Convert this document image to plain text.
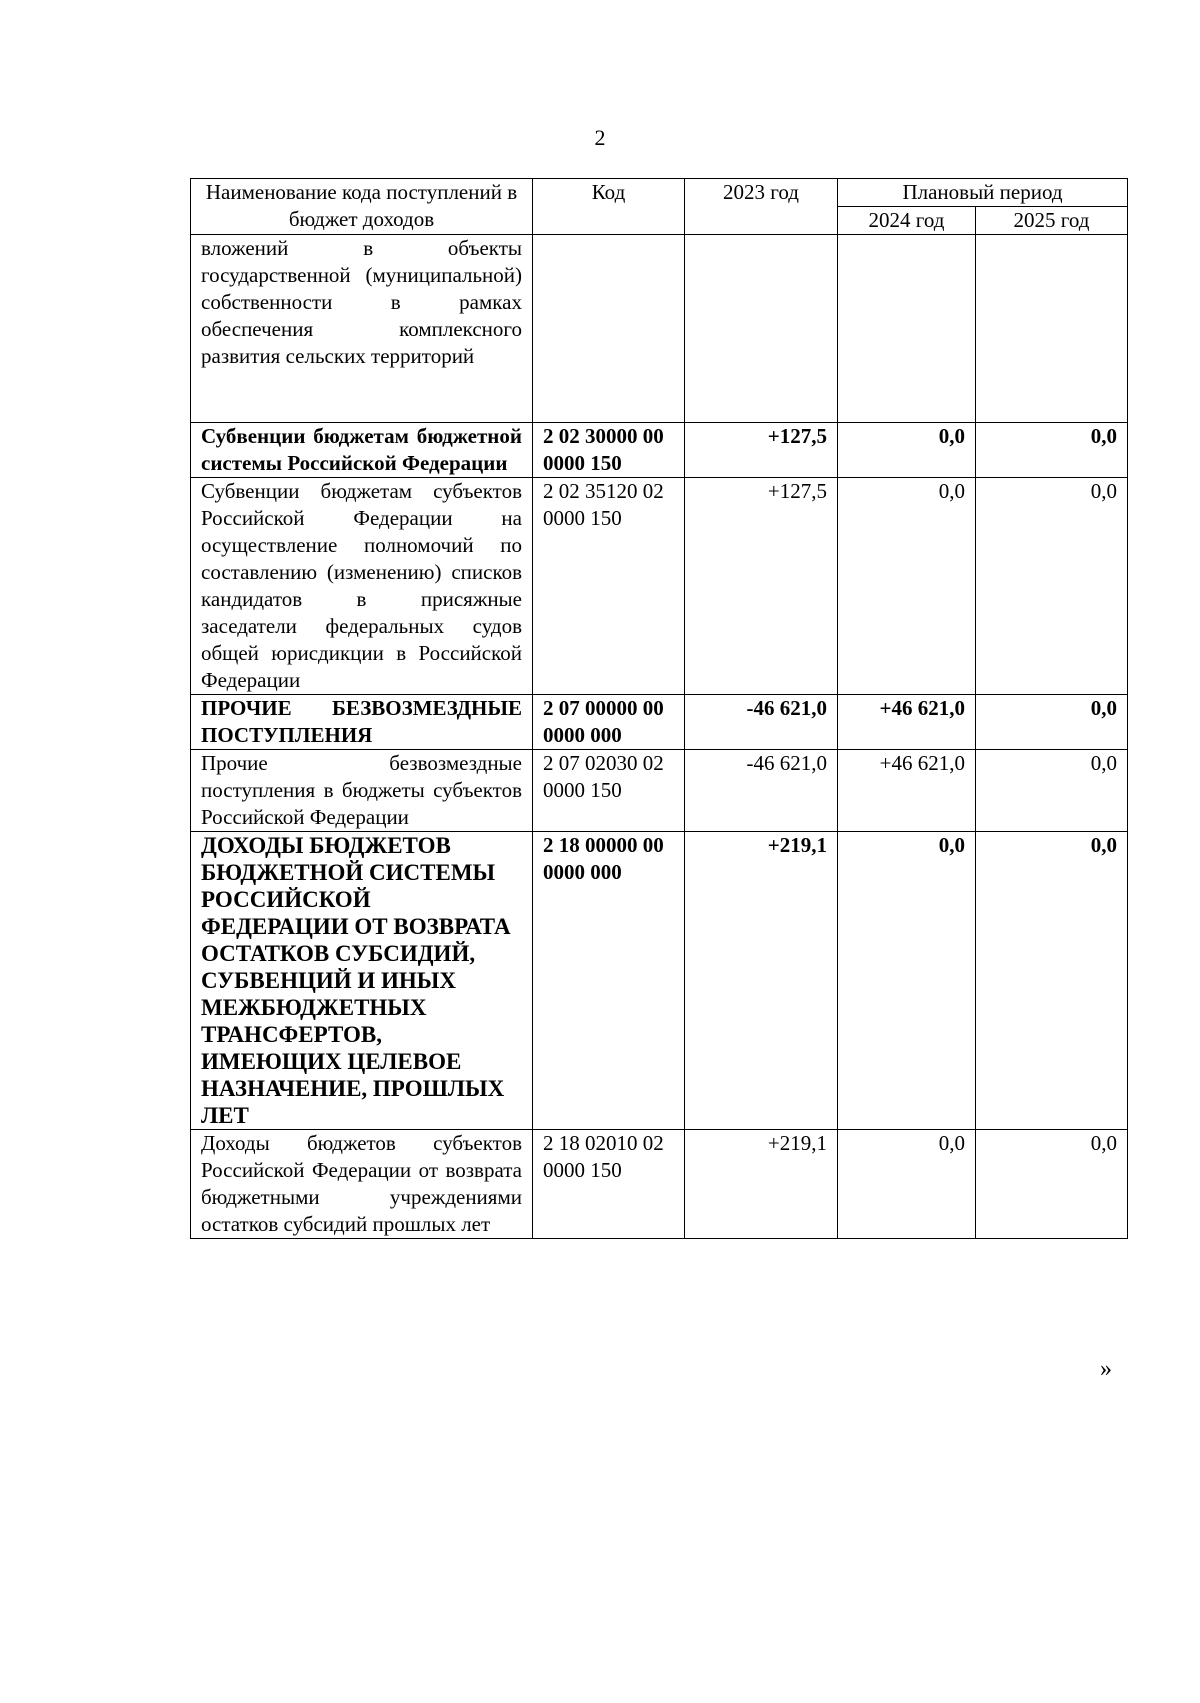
2
Наименование кода поступлений в бюджет доходов	Код	2023 год	Плановый период	
			2024 год	2025 год
вложений в объекты государственной (муниципальной) собственности в рамках обеспечения комплексного развития сельских территорий				
Субвенции бюджетам бюджетной системы Российской Федерации	2 02 30000 00 0000 150	+127,5	0,0	0,0
Субвенции бюджетам субъектов Российской Федерации на осуществление полномочий по составлению (изменению) списков кандидатов в присяжные заседатели федеральных судов общей юрисдикции в Российской Федерации	2 02 35120 02 0000 150	+127,5	0,0	0,0
ПРОЧИЕ БЕЗВОЗМЕЗДНЫЕ ПОСТУПЛЕНИЯ	2 07 00000 00 0000 000	-46 621,0	+46 621,0	0,0
Прочие безвозмездные поступления в бюджеты субъектов Российской Федерации	2 07 02030 02 0000 150	-46 621,0	+46 621,0	0,0
ДОХОДЫ БЮДЖЕТОВ БЮДЖЕТНОЙ СИСТЕМЫ РОССИЙСКОЙ ФЕДЕРАЦИИ ОТ ВОЗВРАТА ОСТАТКОВ СУБСИДИЙ, СУБВЕНЦИЙ И ИНЫХ МЕЖБЮДЖЕТНЫХ ТРАНСФЕРТОВ, ИМЕЮЩИХ ЦЕЛЕВОЕ НАЗНАЧЕНИЕ, ПРОШЛЫХ ЛЕТ	2 18 00000 00 0000 000	+219,1	0,0	0,0
Доходы бюджетов субъектов Российской Федерации от возврата бюджетными учреждениями остатков субсидий прошлых лет	2 18 02010 02 0000 150	+219,1	0,0	0,0
»
